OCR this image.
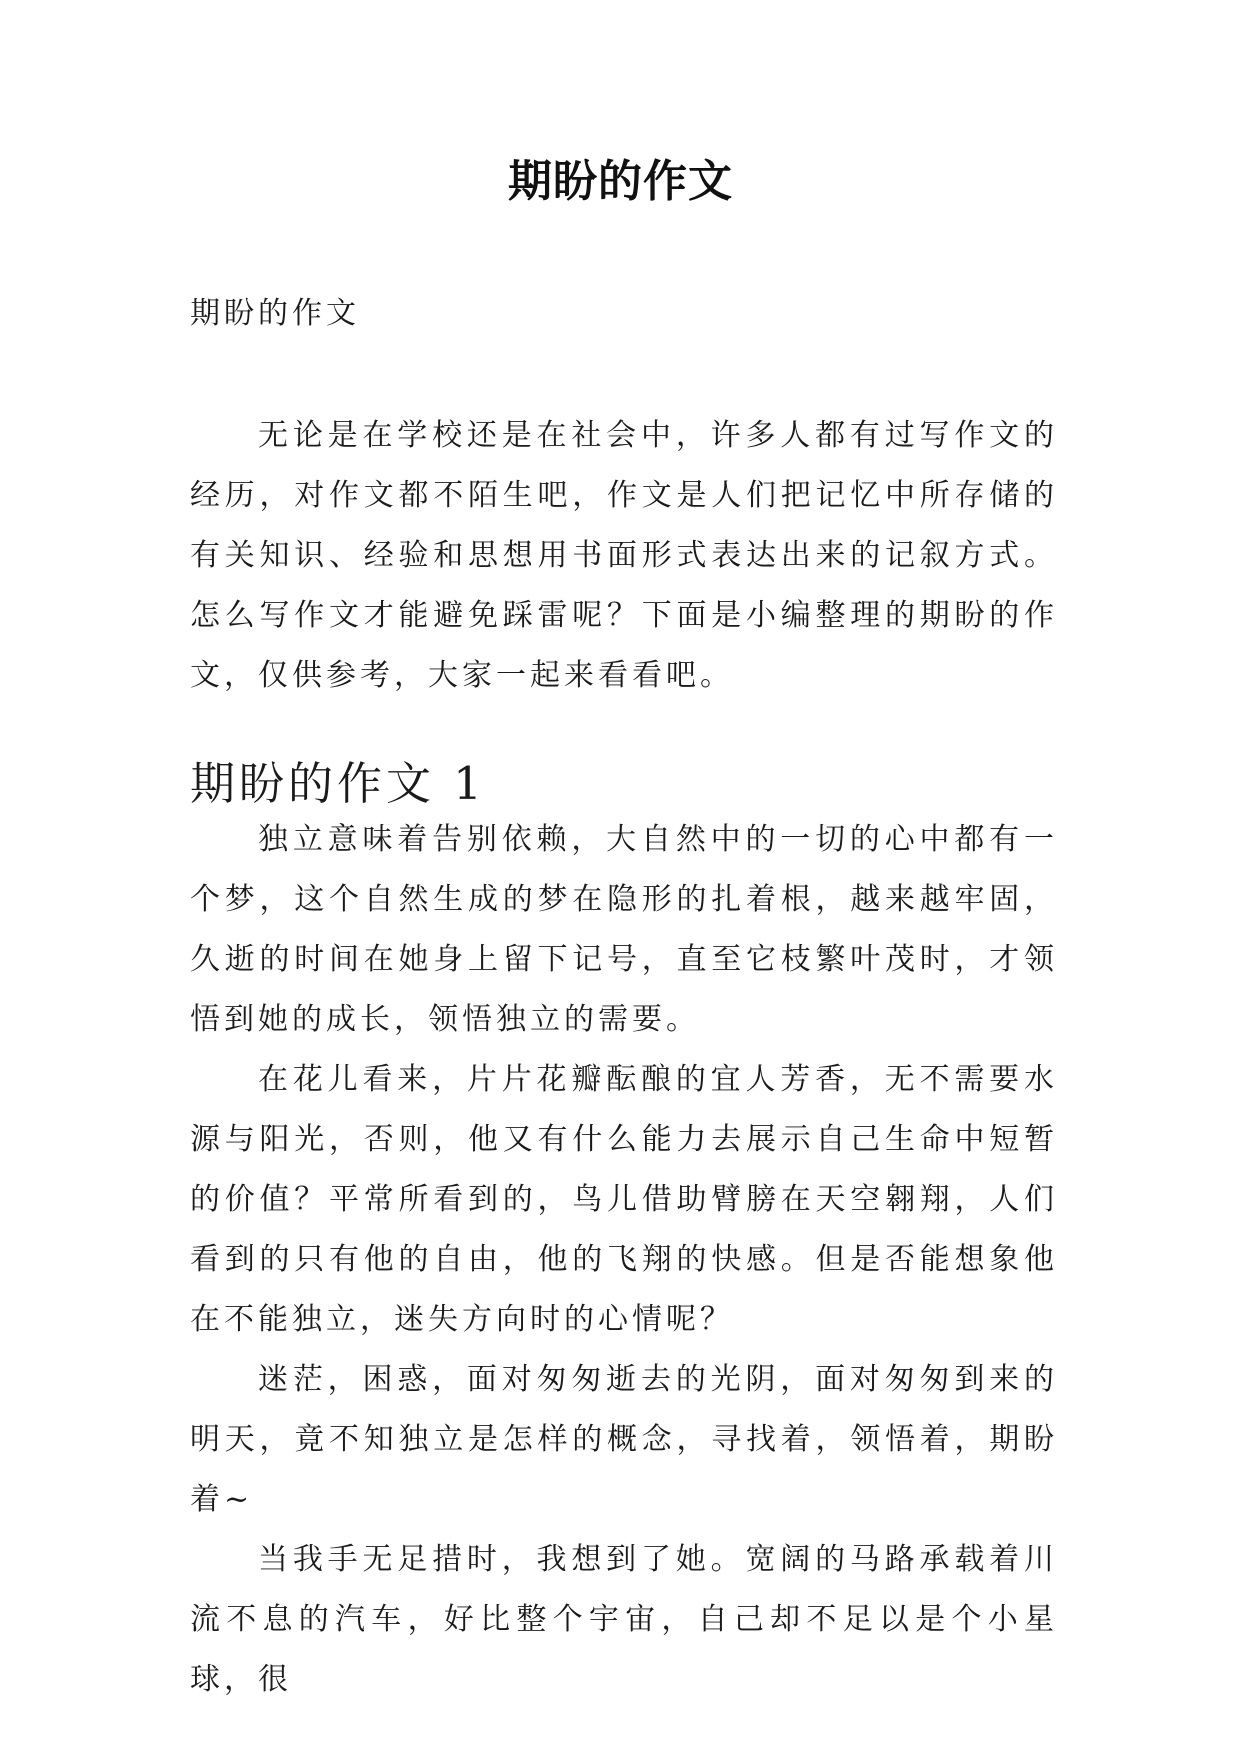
期盼的作文

期盼的作文

无论是在学校还是在社会中，许多人都有过写作文的经历，对作文都不陌生吧，作文是人们把记忆中所存储的有关知识、经验和思想用书面形式表达出来的记叙方式。怎么写作文才能避免踩雷呢？下面是小编整理的期盼的作文，仅供参考，大家一起来看看吧。

期盼的作文 1

独立意味着告别依赖，大自然中的一切的心中都有一个梦，这个自然生成的梦在隐形的扎着根，越来越牢固，久逝的时间在她身上留下记号，直至它枝繁叶茂时，才领悟到她的成长，领悟独立的需要。

在花儿看来，片片花瓣酝酿的宜人芳香，无不需要水源与阳光，否则，他又有什么能力去展示自己生命中短暂的价值？平常所看到的，鸟儿借助臂膀在天空翱翔，人们看到的只有他的自由，他的飞翔的快感。但是否能想象他在不能独立，迷失方向时的心情呢？

迷茫，困惑，面对匆匆逝去的光阴，面对匆匆到来的明天，竟不知独立是怎样的概念，寻找着，领悟着，期盼着~

当我手无足措时，我想到了她。宽阔的马路承载着川流不息的汽车，好比整个宇宙，自己却不足以是个小星球，很
